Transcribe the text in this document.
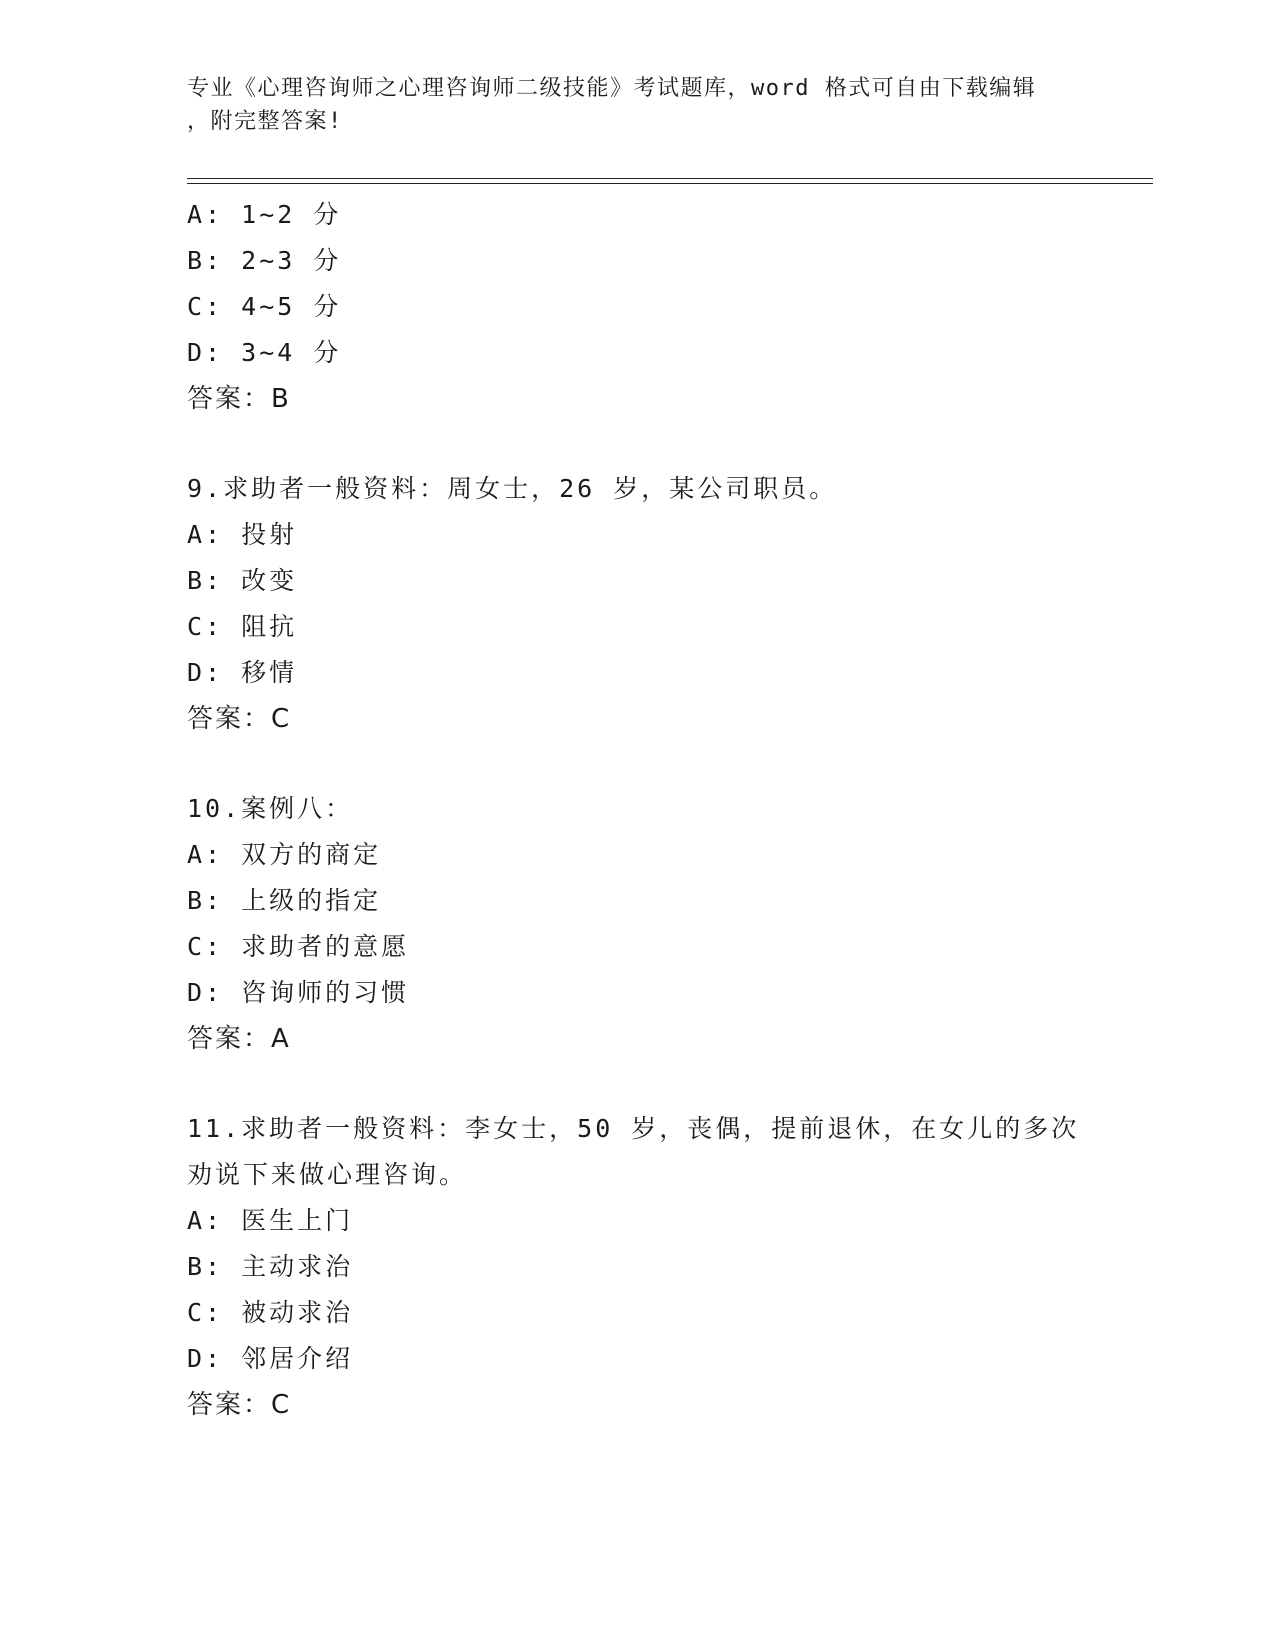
专业《心理咨询师之心理咨询师二级技能》考试题库，word 格式可自由下载编辑
，附完整答案!
A: 1~2 分
B: 2~3 分
C: 4~5 分
D: 3~4 分
答案：B
9.求助者一般资料：周女士，26 岁，某公司职员。
A: 投射
B: 改变
C: 阻抗
D: 移情
答案：C
10.案例八：
A: 双方的商定
B: 上级的指定
C: 求助者的意愿
D: 咨询师的习惯
答案：A
11.求助者一般资料：李女士，50 岁，丧偶，提前退休，在女儿的多次
劝说下来做心理咨询。
A: 医生上门
B: 主动求治
C: 被动求治
D: 邻居介绍
答案：C
